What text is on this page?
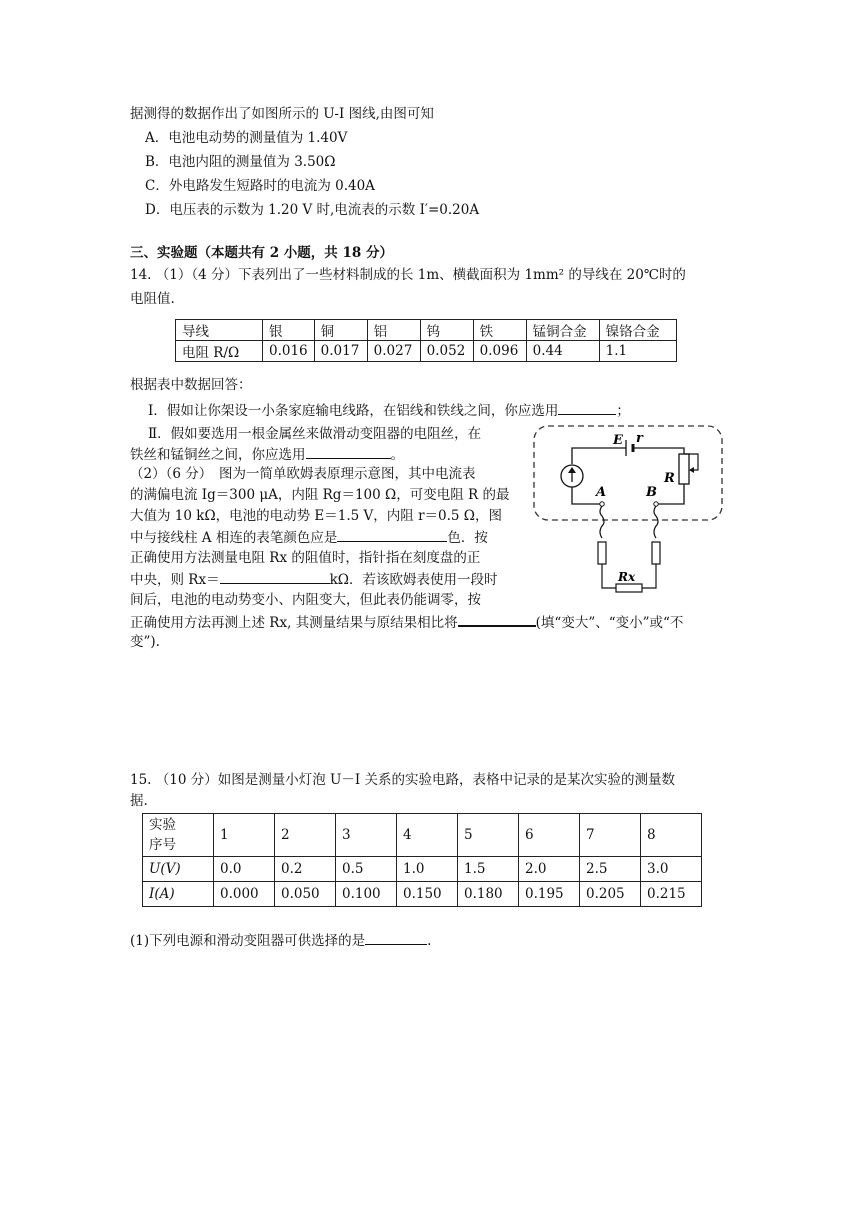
据测得的数据作出了如图所示的 U-I 图线,由图可知
A．电池电动势的测量值为 1.40V
B．电池内阻的测量值为 3.50Ω
C．外电路发生短路时的电流为 0.40A
D．电压表的示数为 1.20 V 时,电流表的示数 I′=0.20A
三、实验题（本题共有 2 小题，共 18 分）
14. （1）（4 分）下表列出了一些材料制成的长 1m、横截面积为 1mm² 的导线在 20℃时的
电阻值.
导线	银	铜	铝	钨	铁	锰铜合金	镍铬合金
电阻 R/Ω	0.016	0.017	0.027	0.052	0.096	0.44	1.1
根据表中数据回答：
Ⅰ．假如让你架设一小条家庭输电线路，在铝线和铁线之间，你应选用	；
Ⅱ．假如要选用一根金属丝来做滑动变阻器的电阻丝，在
铁丝和锰铜丝之间，你应选用	。
（2）（6 分）　图为一简单欧姆表原理示意图，其中电流表
的满偏电流 Ig＝300 μA，内阻 Rg＝100 Ω，可变电阻 R 的最
大值为 10 kΩ，电池的电动势 E＝1.5 V，内阻 r＝0.5 Ω，图
中与接线柱 A 相连的表笔颜色应是	色．按
正确使用方法测量电阻 Rx 的阻值时，指针指在刻度盘的正
中央，则 Rx＝	kΩ．若该欧姆表使用一段时
间后，电池的电动势变小、内阻变大，但此表仍能调零，按
正确使用方法再测上述 Rx, 其测量结果与原结果相比将	(填“变大”、“变小”或“不
变”).
E r
A
R
B
Rx
15. （10 分）如图是测量小灯泡 U－I 关系的实验电路，表格中记录的是某次实验的测量数
据.
实验
序号	1	2	3	4	5	6	7	8
U(V)	0.0	0.2	0.5	1.0	1.5	2.0	2.5	3.0
I(A)	0.000	0.050	0.100	0.150	0.180	0.195	0.205	0.215
(1)下列电源和滑动变阻器可供选择的是	.
